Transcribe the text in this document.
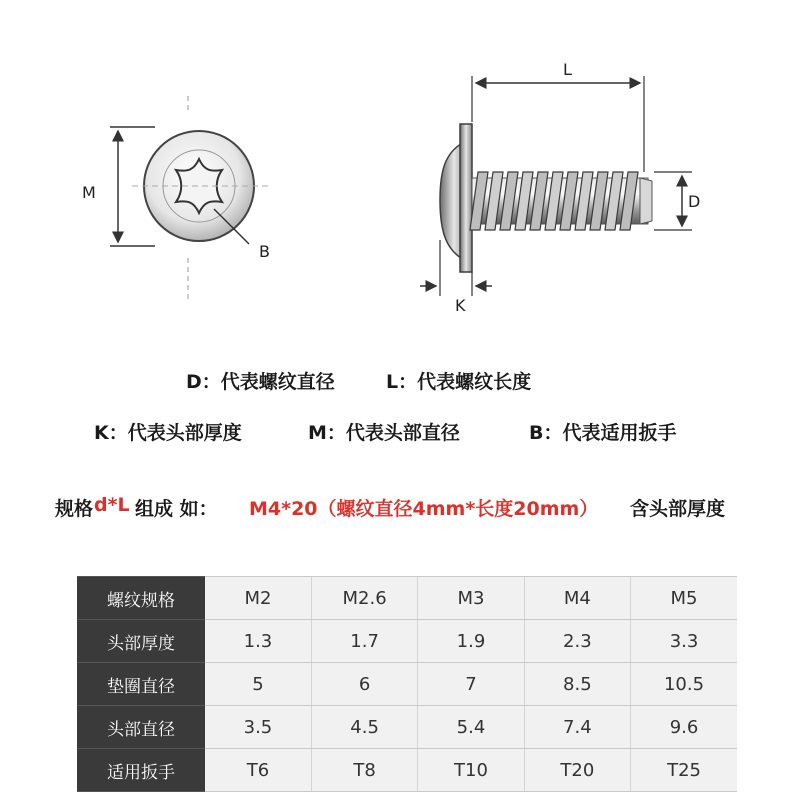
M
B
L
D
K
D：代表螺纹直径	L：代表螺纹长度
K：代表头部厚度	M：代表头部直径	B：代表适用扳手
规格 d*L 组成 如： M4*20（螺纹直径4mm*长度20mm） 含头部厚度
螺纹规格	M2	M2.6	M3	M4	M5
头部厚度	1.3	1.7	1.9	2.3	3.3
垫圈直径	5	6	7	8.5	10.5
头部直径	3.5	4.5	5.4	7.4	9.6
适用扳手	T6	T8	T10	T20	T25
